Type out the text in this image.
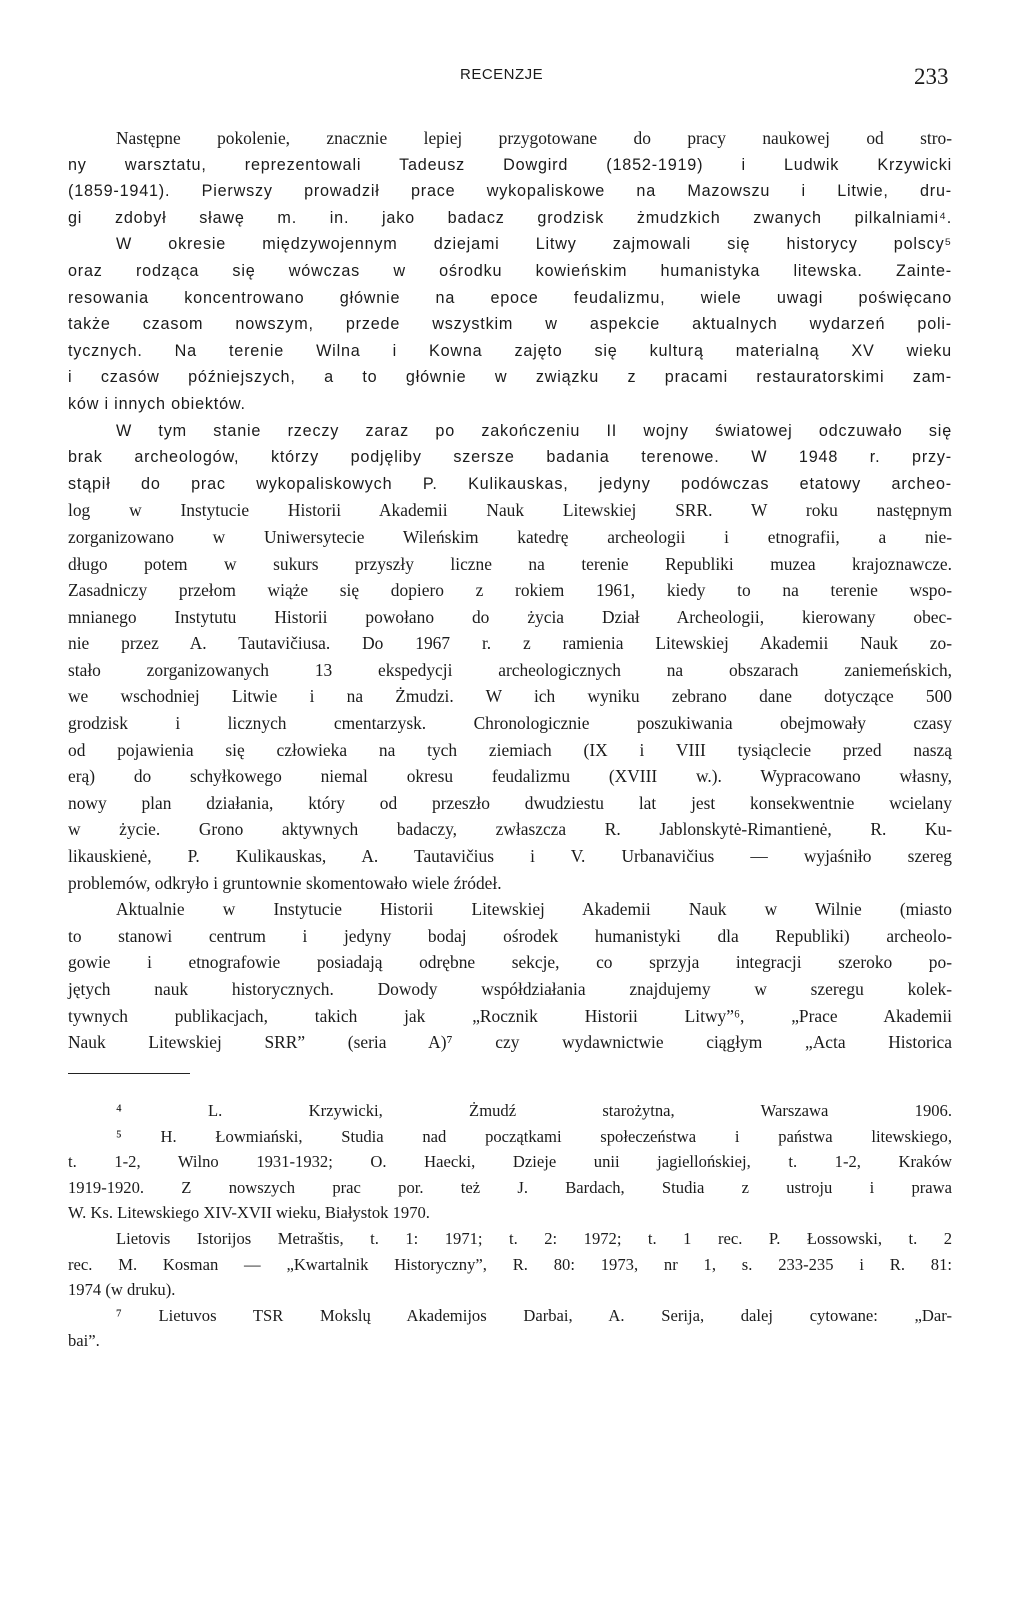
RECENZJE	233
Następne pokolenie, znacznie lepiej przygotowane do pracy naukowej od stro-
ny warsztatu, reprezentowali Tadeusz Dowgird (1852-1919) i Ludwik Krzywicki
(1859-1941). Pierwszy prowadził prace wykopaliskowe na Mazowszu i Litwie, dru-
gi zdobył sławę m. in. jako badacz grodzisk żmudzkich zwanych pilkalniami⁴.
W okresie międzywojennym dziejami Litwy zajmowali się historycy polscy⁵
oraz rodząca się wówczas w ośrodku kowieńskim humanistyka litewska. Zainte-
resowania koncentrowano głównie na epoce feudalizmu, wiele uwagi poświęcano
także czasom nowszym, przede wszystkim w aspekcie aktualnych wydarzeń poli-
tycznych. Na terenie Wilna i Kowna zajęto się kulturą materialną XV wieku
i czasów późniejszych, a to głównie w związku z pracami restauratorskimi zam-
ków i innych obiektów.
W tym stanie rzeczy zaraz po zakończeniu II wojny światowej odczuwało się
brak archeologów, którzy podjęliby szersze badania terenowe. W 1948 r. przy-
stąpił do prac wykopaliskowych P. Kulikauskas, jedyny podówczas etatowy archeo-
log w Instytucie Historii Akademii Nauk Litewskiej SRR. W roku następnym
zorganizowano w Uniwersytecie Wileńskim katedrę archeologii i etnografii, a nie-
długo potem w sukurs przyszły liczne na terenie Republiki muzea krajoznawcze.
Zasadniczy przełom wiąże się dopiero z rokiem 1961, kiedy to na terenie wspo-
mnianego Instytutu Historii powołano do życia Dział Archeologii, kierowany obec-
nie przez A. Tautavičiusa. Do 1967 r. z ramienia Litewskiej Akademii Nauk zo-
stało zorganizowanych 13 ekspedycji archeologicznych na obszarach zaniemeńskich,
we wschodniej Litwie i na Żmudzi. W ich wyniku zebrano dane dotyczące 500
grodzisk i licznych cmentarzysk. Chronologicznie poszukiwania obejmowały czasy
od pojawienia się człowieka na tych ziemiach (IX i VIII tysiąclecie przed naszą
erą) do schyłkowego niemal okresu feudalizmu (XVIII w.). Wypracowano własny,
nowy plan działania, który od przeszło dwudziestu lat jest konsekwentnie wcielany
w życie. Grono aktywnych badaczy, zwłaszcza R. Jablonskytė-Rimantienė, R. Ku-
likauskienė, P. Kulikauskas, A. Tautavičius i V. Urbanavičius — wyjaśniło szereg
problemów, odkryło i gruntownie skomentowało wiele źródeł.
Aktualnie w Instytucie Historii Litewskiej Akademii Nauk w Wilnie (miasto
to stanowi centrum i jedyny bodaj ośrodek humanistyki dla Republiki) archeolo-
gowie i etnografowie posiadają odrębne sekcje, co sprzyja integracji szeroko po-
jętych nauk historycznych. Dowody współdziałania znajdujemy w szeregu kolek-
tywnych publikacjach, takich jak „Rocznik Historii Litwy”⁶, „Prace Akademii
Nauk Litewskiej SRR” (seria A)⁷ czy wydawnictwie ciągłym „Acta Historica
⁴ L. Krzywicki, Żmudź starożytna, Warszawa 1906.
⁵ H. Łowmiański, Studia nad początkami społeczeństwa i państwa litewskiego,
t. 1-2, Wilno 1931-1932; O. Haecki, Dzieje unii jagiellońskiej, t. 1-2, Kraków
1919-1920. Z nowszych prac por. też J. Bardach, Studia z ustroju i prawa
W. Ks. Litewskiego XIV-XVII wieku, Białystok 1970.
Lietovis Istorijos Metraštis, t. 1: 1971; t. 2: 1972; t. 1 rec. P. Łossowski, t. 2
rec. M. Kosman — „Kwartalnik Historyczny”, R. 80: 1973, nr 1, s. 233-235 i R. 81:
1974 (w druku).
⁷ Lietuvos TSR Mokslų Akademijos Darbai, A. Serija, dalej cytowane: „Dar-
bai”.
